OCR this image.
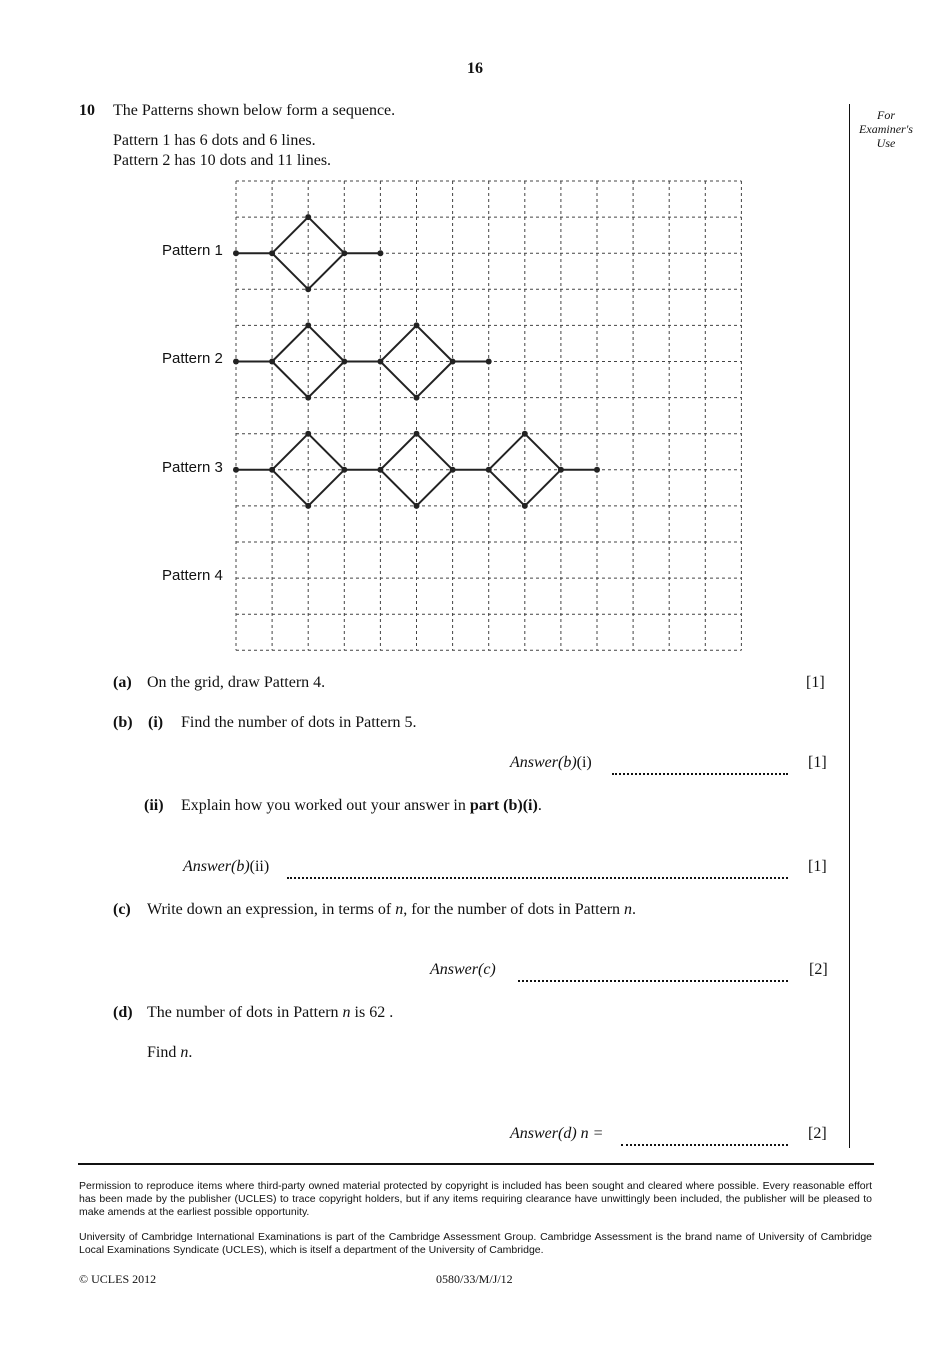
16
For
Examiner's
Use
10 The Patterns shown below form a sequence.
Pattern 1 has 6 dots and 6 lines.
Pattern 2 has 10 dots and 11 lines.
Pattern 1
Pattern 2
Pattern 3
Pattern 4
(a) On the grid, draw Pattern 4.	[1]
(b) (i) Find the number of dots in Pattern 5.
Answer(b)(i)	[1]
(ii) Explain how you worked out your answer in part (b)(i).
Answer(b)(ii)	[1]
(c) Write down an expression, in terms of n, for the number of dots in Pattern n.
Answer(c)	[2]
(d) The number of dots in Pattern n is 62 .
Find n.
Answer(d) n =	[2]
Permission to reproduce items where third-party owned material protected by copyright is included has been sought and cleared where possible. Every reasonable effort has been made by the publisher (UCLES) to trace copyright holders, but if any items requiring clearance have unwittingly been included, the publisher will be pleased to make amends at the earliest possible opportunity.
University of Cambridge International Examinations is part of the Cambridge Assessment Group. Cambridge Assessment is the brand name of University of Cambridge Local Examinations Syndicate (UCLES), which is itself a department of the University of Cambridge.
© UCLES 2012	0580/33/M/J/12
